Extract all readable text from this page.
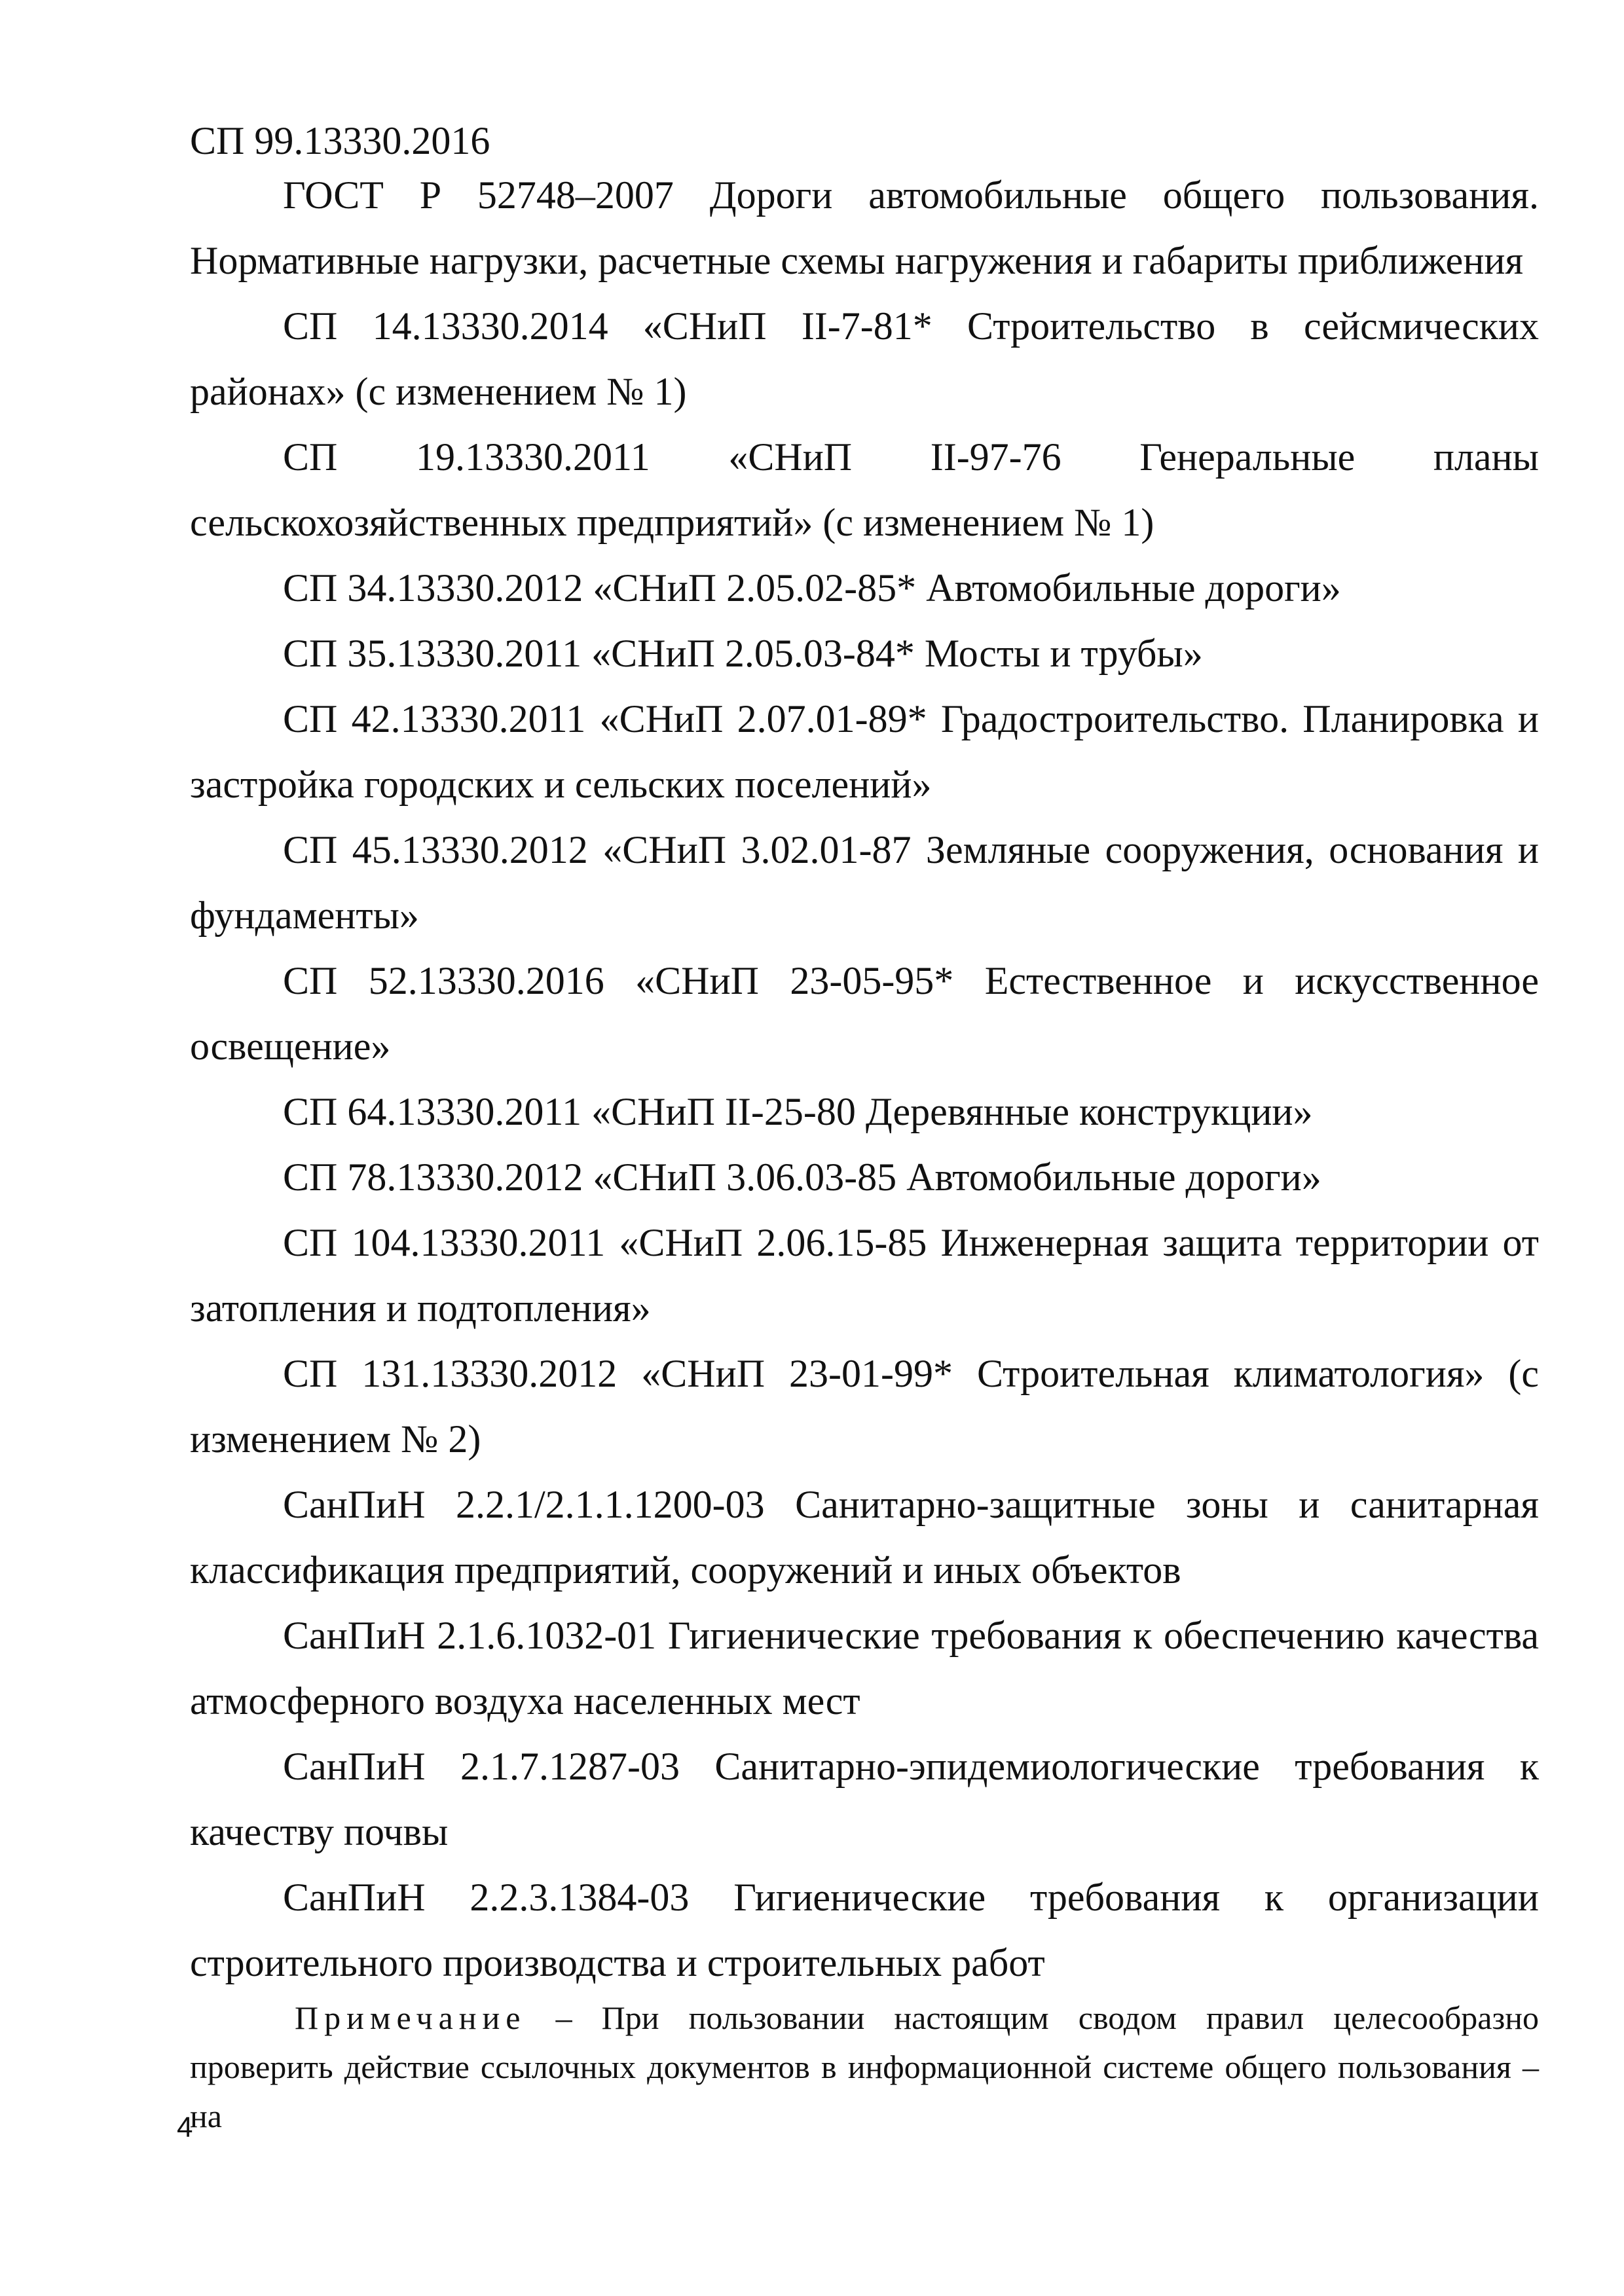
СП 99.13330.2016

ГОСТ Р 52748–2007 Дороги автомобильные общего пользования. Нормативные нагрузки, расчетные схемы нагружения и габариты приближения

СП 14.13330.2014 «СНиП II-7-81* Строительство в сейсмических районах» (с изменением № 1)

СП 19.13330.2011 «СНиП II-97-76 Генеральные планы сельскохозяйственных предприятий» (с изменением № 1)

СП 34.13330.2012 «СНиП 2.05.02-85* Автомобильные дороги»

СП 35.13330.2011 «СНиП 2.05.03-84* Мосты и трубы»

СП 42.13330.2011 «СНиП 2.07.01-89* Градостроительство. Планировка и застройка городских и сельских поселений»

СП 45.13330.2012 «СНиП 3.02.01-87 Земляные сооружения, основания и фундаменты»

СП 52.13330.2016 «СНиП 23-05-95* Естественное и искусственное освещение»

СП 64.13330.2011 «СНиП II-25-80 Деревянные конструкции»

СП 78.13330.2012 «СНиП 3.06.03-85 Автомобильные дороги»

СП 104.13330.2011 «СНиП 2.06.15-85 Инженерная защита территории от затопления и подтопления»

СП 131.13330.2012 «СНиП 23-01-99* Строительная климатология» (с изменением № 2)

СанПиН 2.2.1/2.1.1.1200-03 Санитарно-защитные зоны и санитарная классификация предприятий, сооружений и иных объектов

СанПиН 2.1.6.1032-01 Гигиенические требования к обеспечению качества атмосферного воздуха населенных мест

СанПиН 2.1.7.1287-03 Санитарно-эпидемиологические требования к качеству почвы

СанПиН 2.2.3.1384-03 Гигиенические требования к организации строительного производства и строительных работ

Примечание – При пользовании настоящим сводом правил целесообразно проверить действие ссылочных документов в информационной системе общего пользования – на

4
